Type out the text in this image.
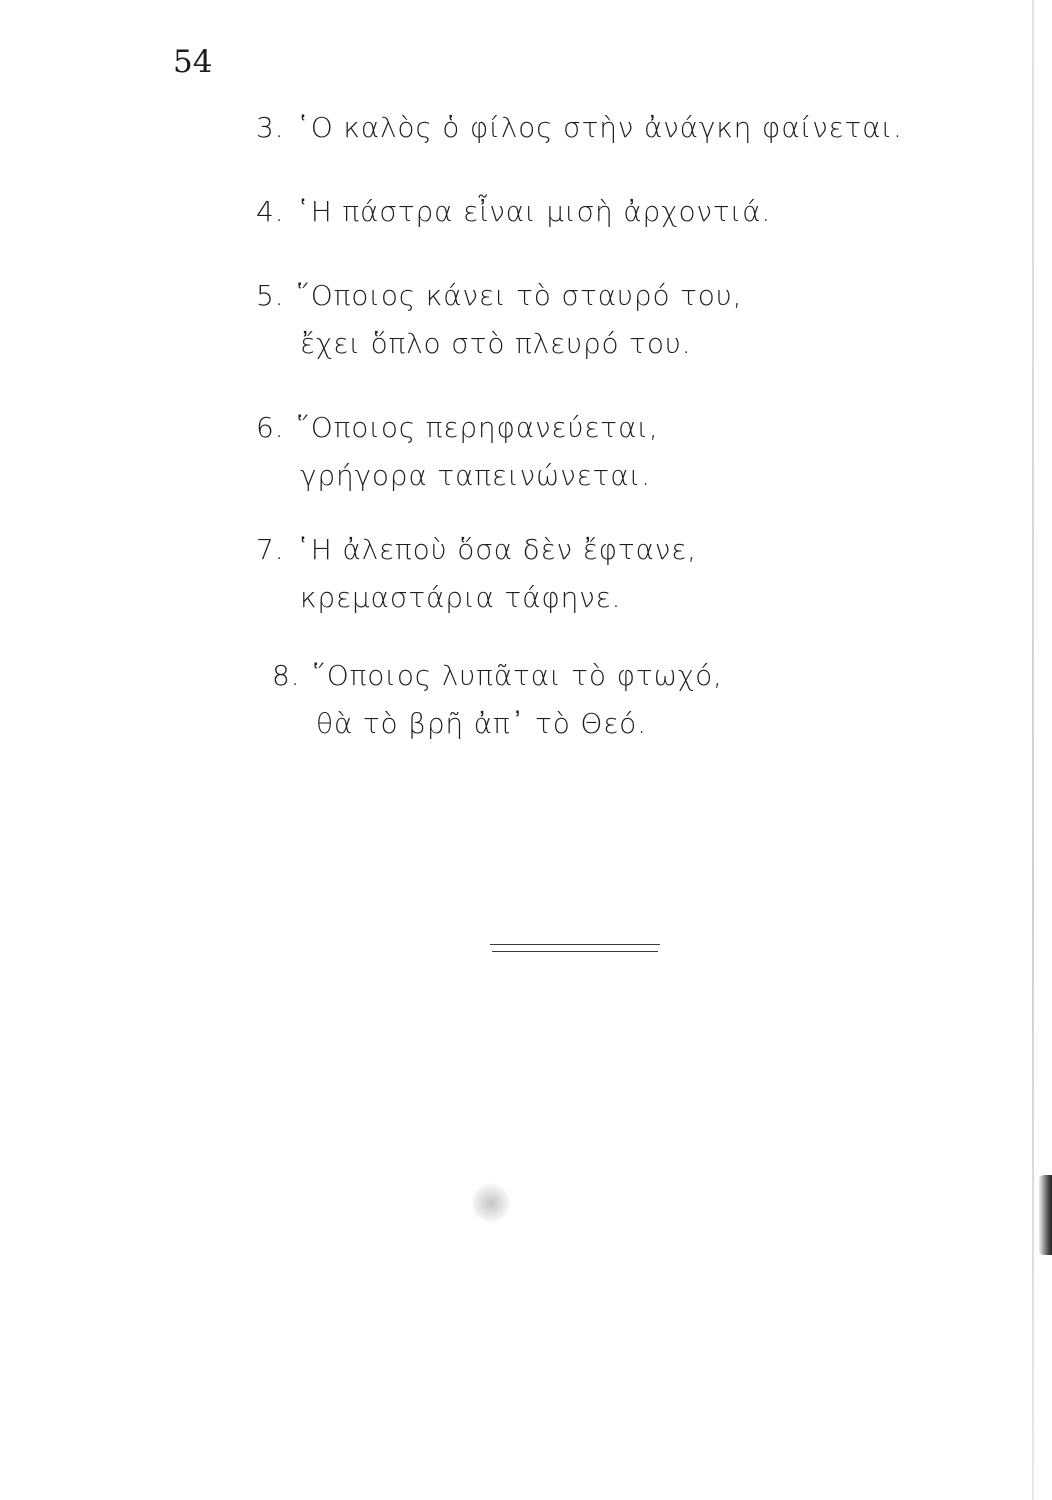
54
3. ῾Ο καλὸς ὁ φίλος στὴν ἀνάγκη φαίνεται.
4. ῾Η πάστρα εἶναι μισὴ ἀρχοντιά.
5. ῞Οποιος κάνει τὸ σταυρό του,
ἔχει ὅπλο στὸ πλευρό του.
6. ῞Οποιος περηφανεύεται,
γρήγορα ταπεινώνεται.
7. ῾Η ἀλεποὺ ὅσα δὲν ἔφτανε,
κρεμαστάρια τάφηνε.
8. ῞Οποιος λυπᾶται τὸ φτωχό,
θὰ τὸ βρῆ ἀπ᾿ τὸ Θεό.
